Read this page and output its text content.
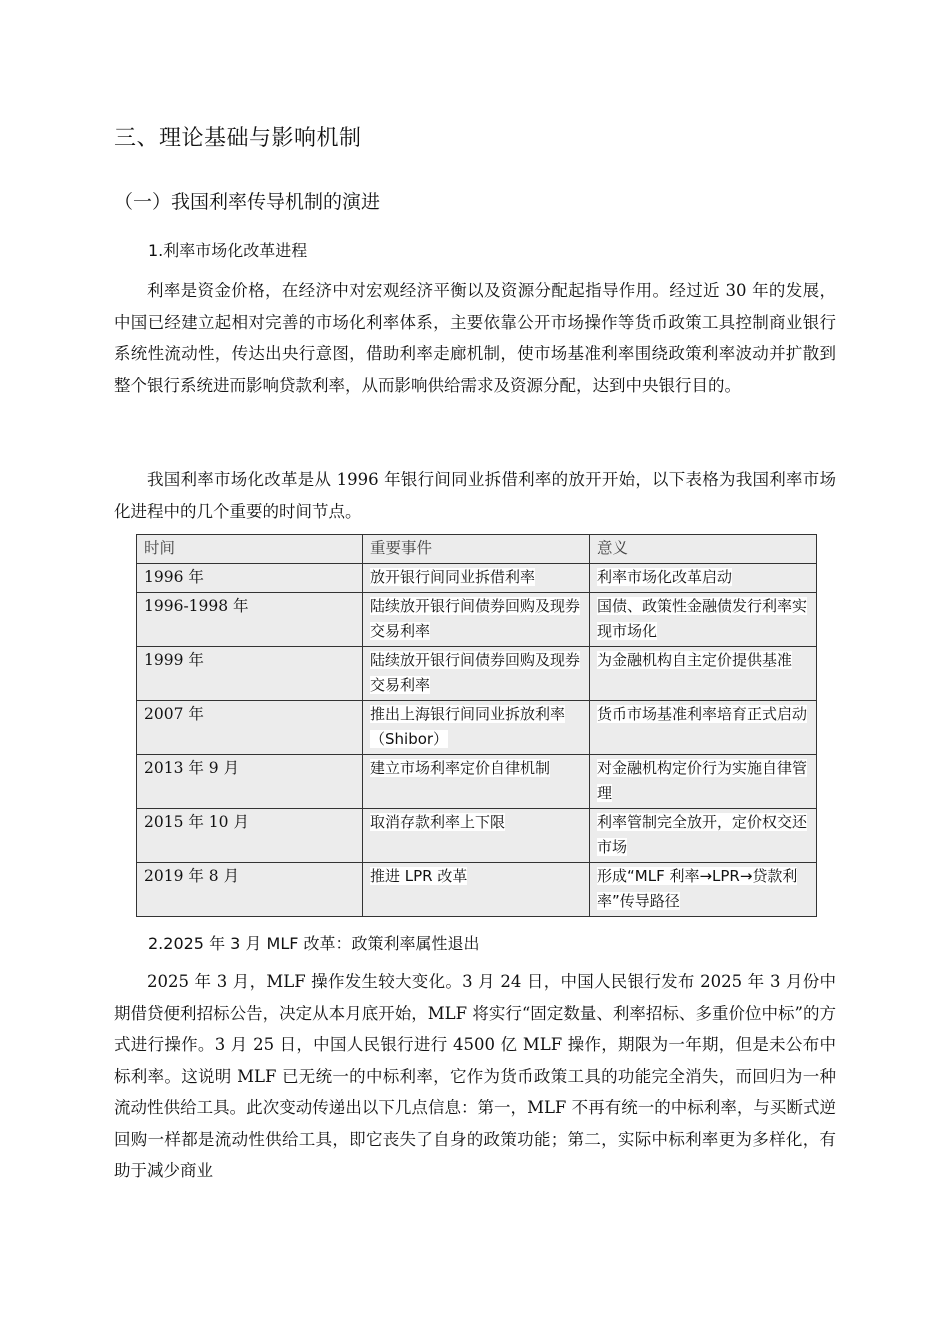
三、理论基础与影响机制
（一）我国利率传导机制的演进
1.利率市场化改革进程

利率是资金价格，在经济中对宏观经济平衡以及资源分配起指导作用。经过近 30 年的发展，中国已经建立起相对完善的市场化利率体系，主要依靠公开市场操作等货币政策工具控制商业银行系统性流动性，传达出央行意图，借助利率走廊机制，使市场基准利率围绕政策利率波动并扩散到整个银行系统进而影响贷款利率，从而影响供给需求及资源分配，达到中央银行目的。

我国利率市场化改革是从 1996 年银行间同业拆借利率的放开开始，以下表格为我国利率市场化进程中的几个重要的时间节点。

时间	重要事件	意义
1996 年	放开银行间同业拆借利率	利率市场化改革启动
1996-1998 年	陆续放开银行间债券回购及现券交易利率	国债、政策性金融债发行利率实现市场化
1999 年	陆续放开银行间债券回购及现券交易利率	为金融机构自主定价提供基准
2007 年	推出上海银行间同业拆放利率（Shibor）	货币市场基准利率培育正式启动
2013 年 9 月	建立市场利率定价自律机制	对金融机构定价行为实施自律管理
2015 年 10 月	取消存款利率上下限	利率管制完全放开，定价权交还市场
2019 年 8 月	推进 LPR 改革	形成“MLF 利率→LPR→贷款利率”传导路径
2.2025 年 3 月 MLF 改革：政策利率属性退出

2025 年 3 月，MLF 操作发生较大变化。3 月 24 日，中国人民银行发布 2025 年 3 月份中期借贷便利招标公告，决定从本月底开始，MLF 将实行“固定数量、利率招标、多重价位中标”的方式进行操作。3 月 25 日，中国人民银行进行 4500 亿 MLF 操作，期限为一年期，但是未公布中标利率。这说明 MLF 已无统一的中标利率，它作为货币政策工具的功能完全消失，而回归为一种流动性供给工具。此次变动传递出以下几点信息：第一，MLF 不再有统一的中标利率，与买断式逆回购一样都是流动性供给工具，即它丧失了自身的政策功能；第二，实际中标利率更为多样化，有助于减少商业
